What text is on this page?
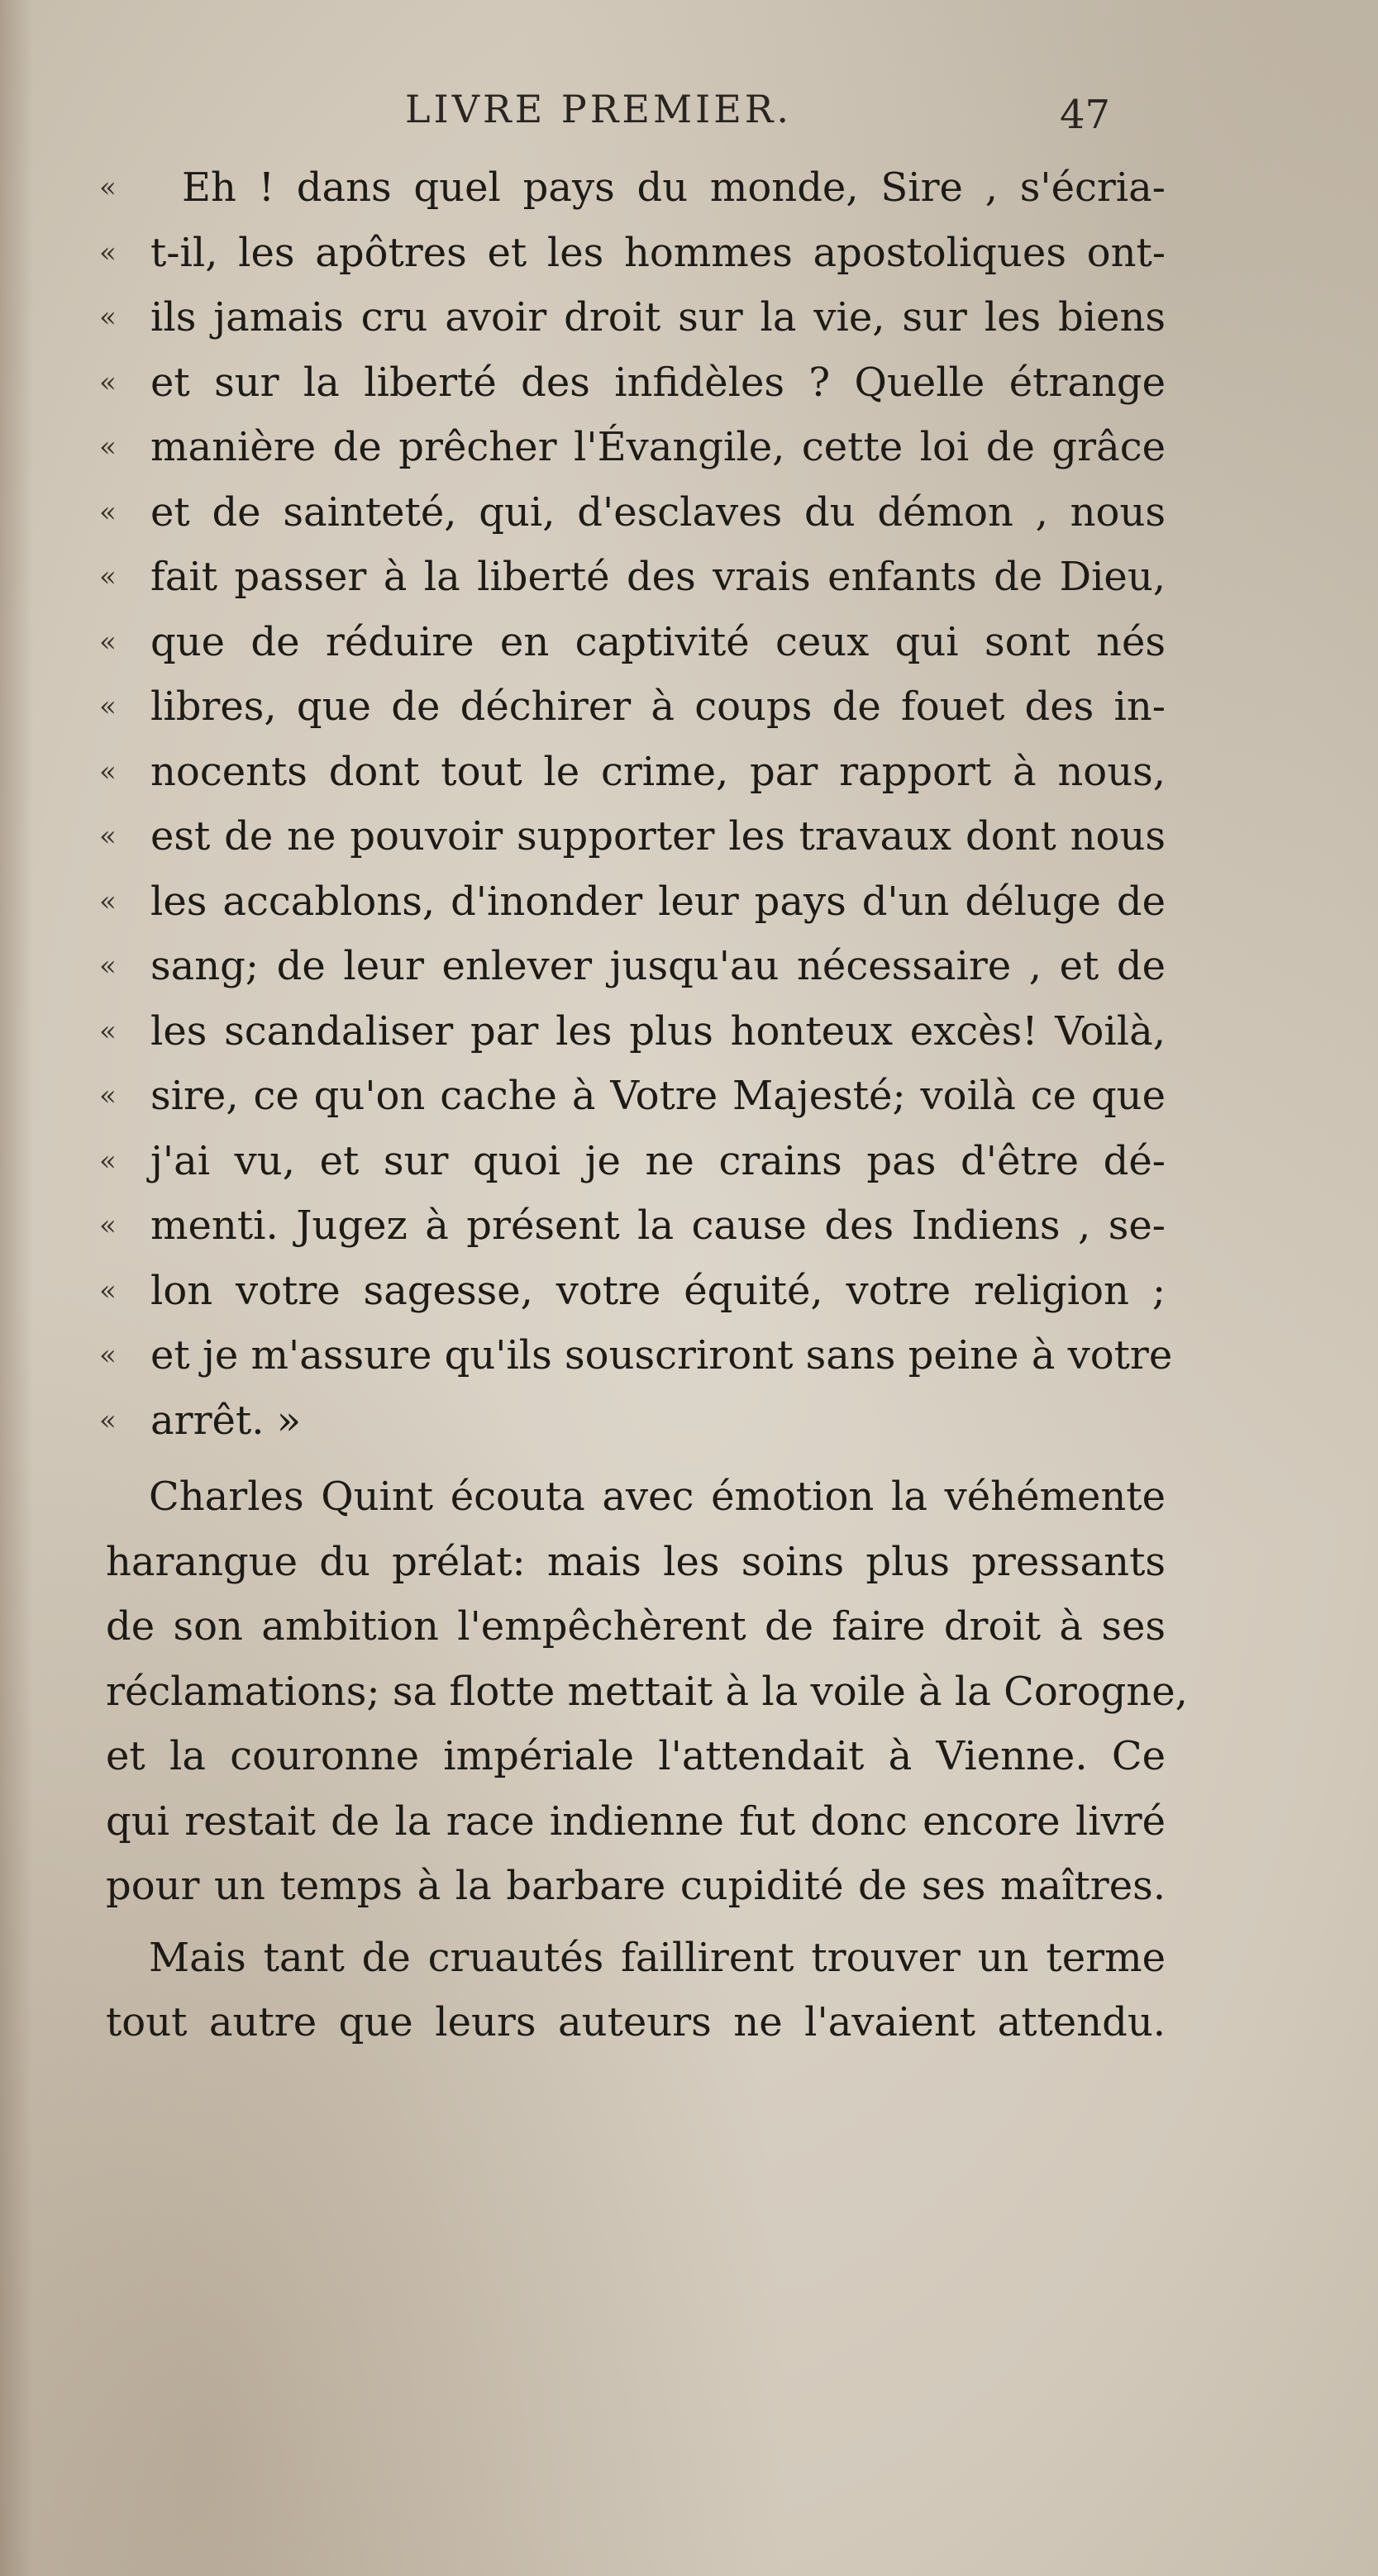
LIVRE PREMIER.	47
«	Eh ! dans quel pays du monde, Sire , s'écria-
« t-il, les apôtres et les hommes apostoliques ont-
« ils jamais cru avoir droit sur la vie, sur les biens
« et sur la liberté des infidèles ? Quelle étrange
« manière de prêcher l'Évangile, cette loi de grâce
« et de sainteté, qui, d'esclaves du démon , nous
« fait passer à la liberté des vrais enfants de Dieu,
« que de réduire en captivité ceux qui sont nés
« libres, que de déchirer à coups de fouet des in-
« nocents dont tout le crime, par rapport à nous,
« est de ne pouvoir supporter les travaux dont nous
« les accablons, d'inonder leur pays d'un déluge de
« sang; de leur enlever jusqu'au nécessaire , et de
« les scandaliser par les plus honteux excès! Voilà,
« sire, ce qu'on cache à Votre Majesté; voilà ce que
« j'ai vu, et sur quoi je ne crains pas d'être dé-
« menti. Jugez à présent la cause des Indiens , se-
« lon votre sagesse, votre équité, votre religion ;
« et je m'assure qu'ils souscriront sans peine à votre
« arrêt. »
Charles Quint écouta avec émotion la véhémente
harangue du prélat: mais les soins plus pressants
de son ambition l'empêchèrent de faire droit à ses
réclamations; sa flotte mettait à la voile à la Corogne,
et la couronne impériale l'attendait à Vienne. Ce
qui restait de la race indienne fut donc encore livré
pour un temps à la barbare cupidité de ses maîtres.
Mais tant de cruautés faillirent trouver un terme
tout autre que leurs auteurs ne l'avaient attendu.
